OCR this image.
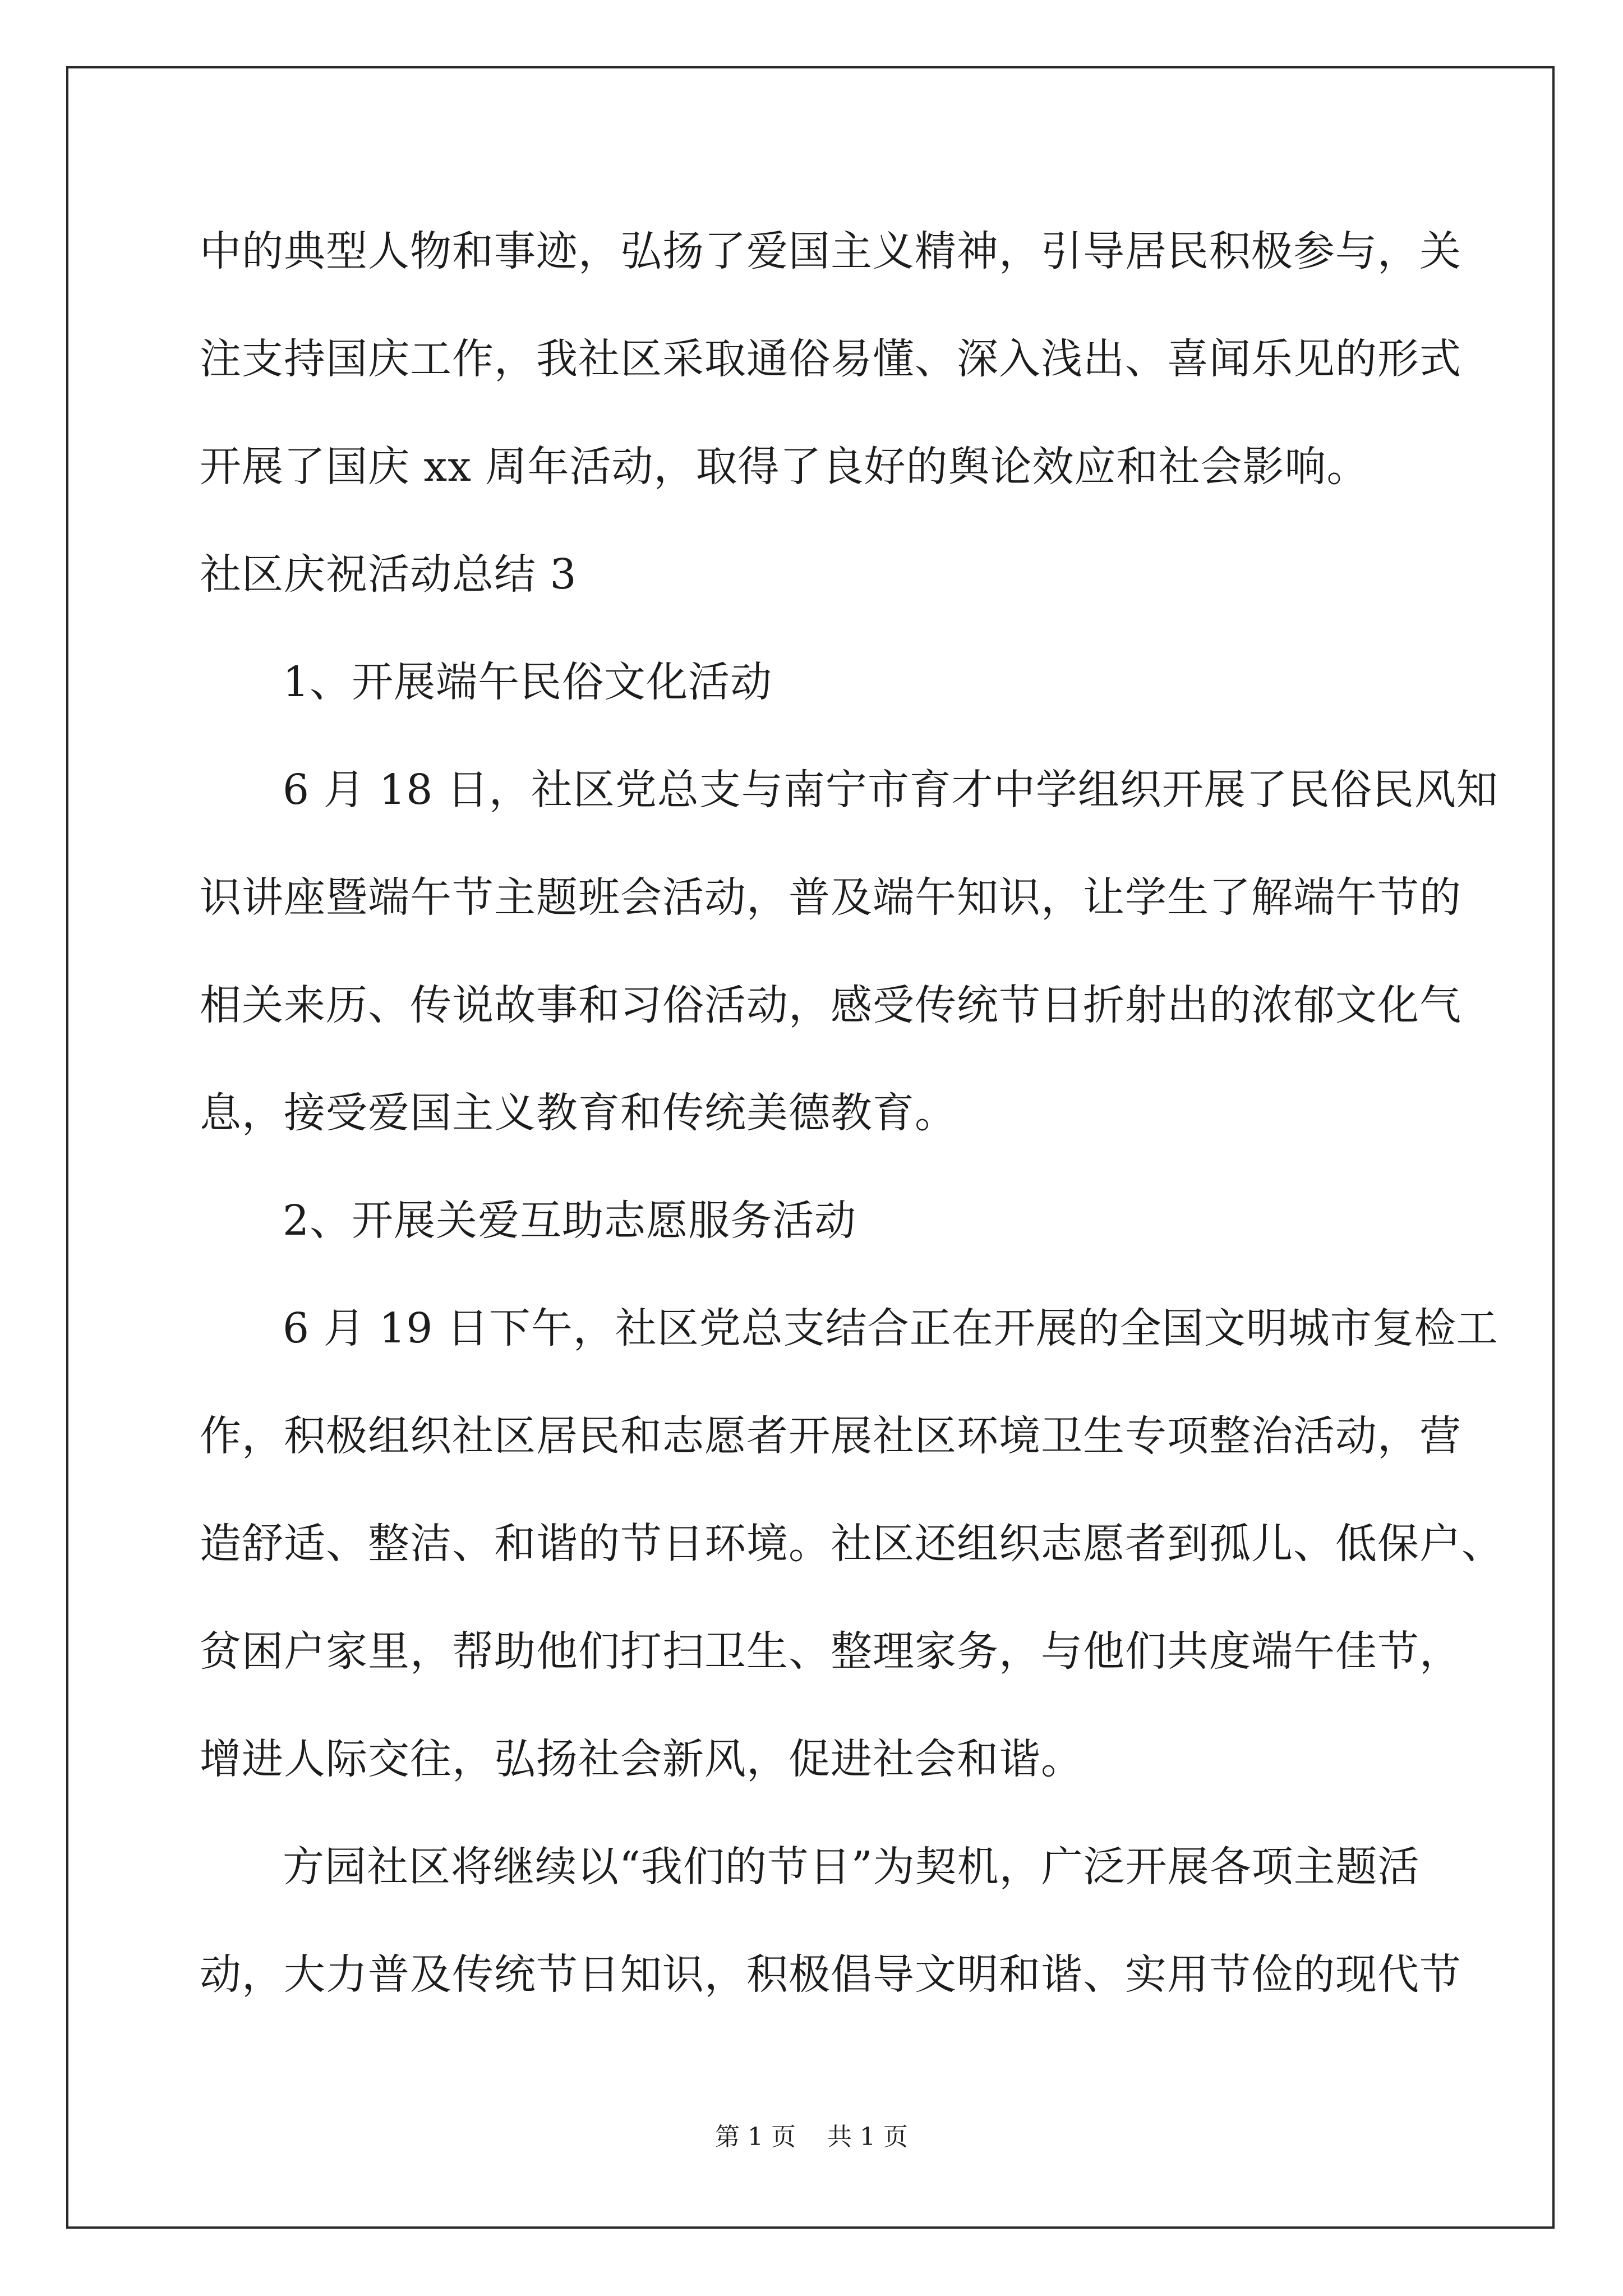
中的典型人物和事迹，弘扬了爱国主义精神，引导居民积极参与，关
注支持国庆工作，我社区采取通俗易懂、深入浅出、喜闻乐见的形式
开展了国庆 xx 周年活动，取得了良好的舆论效应和社会影响。
社区庆祝活动总结 3
1、开展端午民俗文化活动
6 月 18 日，社区党总支与南宁市育才中学组织开展了民俗民风知
识讲座暨端午节主题班会活动，普及端午知识，让学生了解端午节的
相关来历、传说故事和习俗活动，感受传统节日折射出的浓郁文化气
息，接受爱国主义教育和传统美德教育。
2、开展关爱互助志愿服务活动
6 月 19 日下午，社区党总支结合正在开展的全国文明城市复检工
作，积极组织社区居民和志愿者开展社区环境卫生专项整治活动，营
造舒适、整洁、和谐的节日环境。社区还组织志愿者到孤儿、低保户、
贫困户家里，帮助他们打扫卫生、整理家务，与他们共度端午佳节，
增进人际交往，弘扬社会新风，促进社会和谐。
方园社区将继续以“我们的节日”为契机，广泛开展各项主题活
动，大力普及传统节日知识，积极倡导文明和谐、实用节俭的现代节
第 1 页    共 1 页
